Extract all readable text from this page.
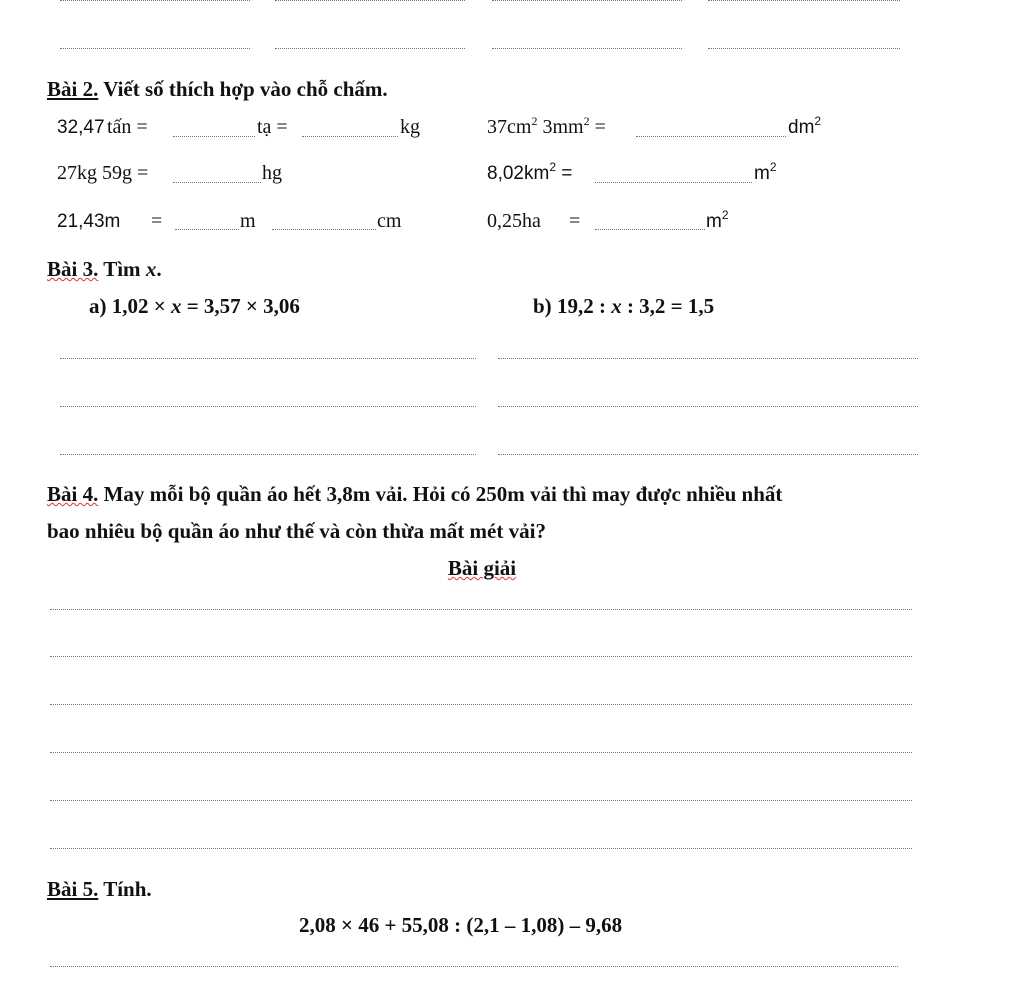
Bài 2. Viết số thích hợp vào chỗ chấm.
32,47 tấn =	tạ =	kg	$37cm^2$ $3mm^2$ =	$dm^2$
27kg 59g =	hg	$8,02km^2$ =	$m^2$
21,43m =	m	cm	0,25ha =	$m^2$
Bài 3. Tìm x.
a) 1,02 × x = 3,57 × 3,06	b) 19,2 : x : 3,2 = 1,5
Bài 4. May mỗi bộ quần áo hết 3,8m vải. Hỏi có 250m vải thì may được nhiều nhất
bao nhiêu bộ quần áo như thế và còn thừa mất mét vải?
Bài giải
Bài 5. Tính.
2,08 × 46 + 55,08 : (2,1 – 1,08) – 9,68
